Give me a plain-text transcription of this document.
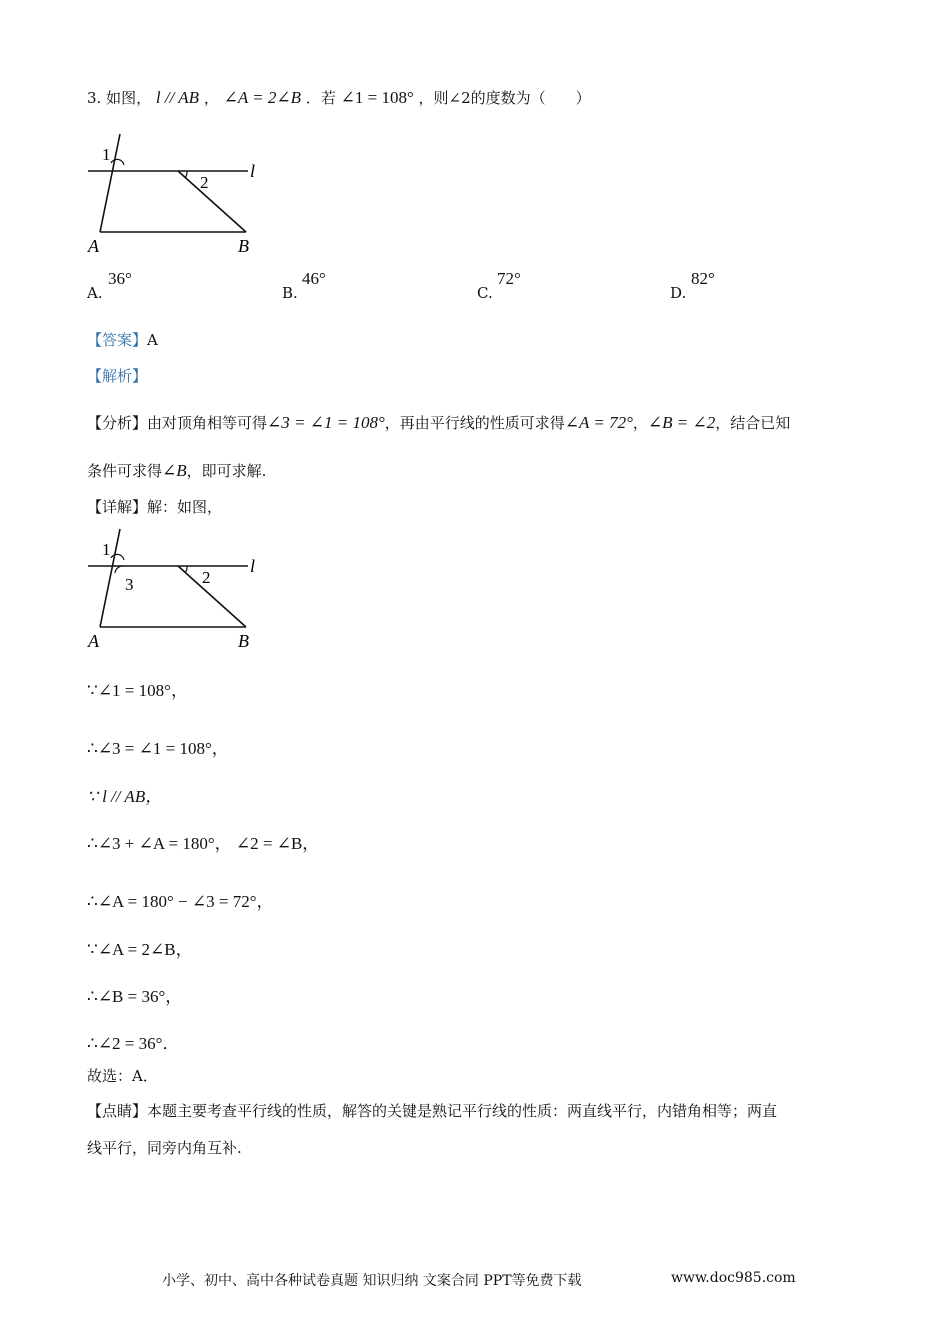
3. 如图， l // AB ， ∠A = 2∠B ．若 ∠1 = 108° ，则∠2的度数为（　　）
1
2
l
A	B
A.
36°
B.
46°
C.
72°
D.
82°
【答案】A
【解析】
【分析】由对顶角相等可得∠3 = ∠1 = 108°，再由平行线的性质可求得∠A = 72°，∠B = ∠2，结合已知
条件可求得∠B，即可求解.
【详解】解：如图，
1
3	2
l
A	B
∵∠1 = 108°，
∴∠3 = ∠1 = 108°，
∵ l // AB，
∴∠3 + ∠A = 180°， ∠2 = ∠B，
∴∠A = 180° − ∠3 = 72°，
∵∠A = 2∠B，
∴∠B = 36°，
∴∠2 = 36°．
故选：A．
【点睛】本题主要考查平行线的性质，解答的关键是熟记平行线的性质：两直线平行，内错角相等；两直
线平行，同旁内角互补.
小学、初中、高中各种试卷真题 知识归纳 文案合同 PPT等免费下载	www.doc985.com
